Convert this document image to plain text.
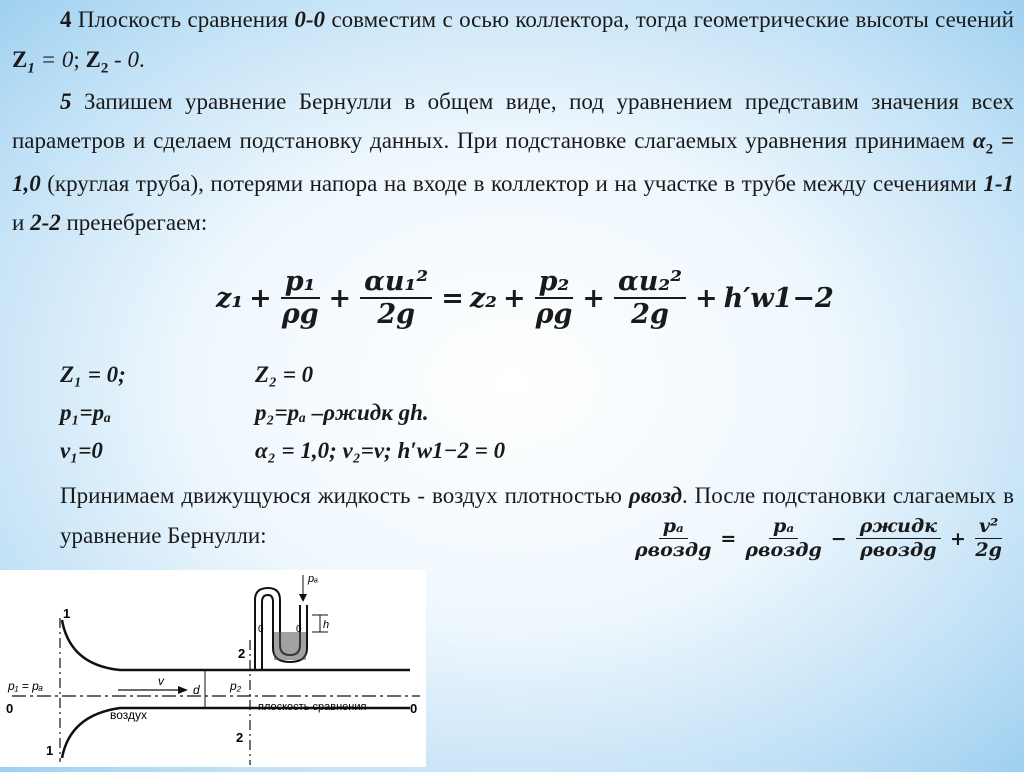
4 Плоскость сравнения 0-0 совместим с осью коллектора, тогда геометрические высоты сечений $Z_1 = 0$; $Z_2 - 0$.

5 Запишем уравнение Бернулли в общем виде, под уравнением представим значения всех параметров и сделаем подстановку данных. При подстановке слагаемых уравнения принимаем $\alpha_2 = 1,0$ (круглая труба), потерями напора на входе в коллектор и на участке в трубе между сечениями 1-1 и 2-2 пренебрегаем:

$z_1 + \frac{\text{p₁}}{\rho g} + \frac{\text{αu₁²}}{2g} = z_2 + \frac{\text{p₂}}{\rho g} + \frac{\text{αu₂²}}{2g} + h'w1-2$
Z₁ = 0;	Z₂ = 0
p₁=pₐ	p₂=pₐ –ρжидк gh.
v₁=0	α₂ = 1,0; v₂=v; h′w1−2 = 0

Принимаем движущуюся жидкость - воздух плотностью ρвозд. После подстановки слагаемых в уравнение Бернулли:	$\frac{\text{pₐ}}{\text{ρвоздg}} = \frac{\text{pₐ}}{\text{ρвоздg}} - \frac{\text{ρжидк}}{\text{ρвоздg}} + \frac{\text{v²}}{2g}$
1
1
2
2
0	0
p₁ = pₐ	p₂
pₐ
h
v
d
воздух
плоскость сравнения
0	0
